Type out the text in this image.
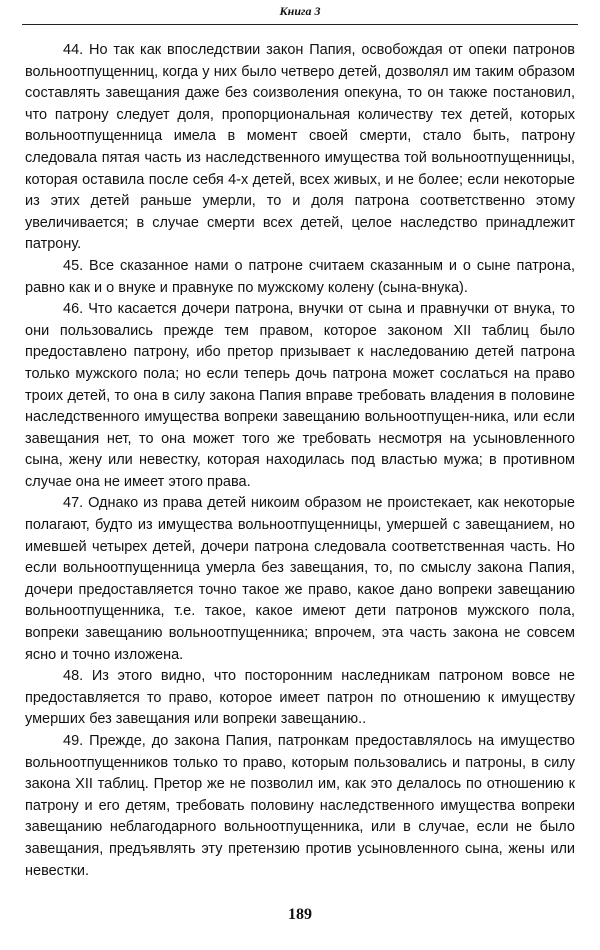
Книга 3

44. Но так как впоследствии закон Папия, освобождая от опеки патронов вольноотпущенниц, когда у них было четверо детей, дозволял им таким образом составлять завещания даже без соизволения опекуна, то он также постановил, что патрону следует доля, пропорциональная количеству тех детей, которых вольноотпущенница имела в момент своей смерти, стало быть, патрону следовала пятая часть из наследственного имущества той вольноотпущенницы, которая оставила после себя 4-х детей, всех живых, и не более; если некоторые из этих детей раньше умерли, то и доля патрона соответственно этому увеличивается; в случае смерти всех детей, целое наследство принадлежит патрону.

45. Все сказанное нами о патроне считаем сказанным и о сыне патрона, равно как и о внуке и правнуке по мужскому колену (сына-внука).

46. Что касается дочери патрона, внучки от сына и правнучки от внука, то они пользовались прежде тем правом, которое законом XII таблиц было предоставлено патрону, ибо претор призывает к наследованию детей патрона только мужского пола; но если теперь дочь патрона может сослаться на право троих детей, то она в силу закона Папия вправе требовать владения в половине наследственного имущества вопреки завещанию вольноотпущен-ника, или если завещания нет, то она может того же требовать несмотря на усыновленного сына, жену или невестку, которая находилась под властью мужа; в противном случае она не имеет этого права.

47. Однако из права детей никоим образом не проистекает, как некоторые полагают, будто из имущества вольноотпущенницы, умершей с завещанием, но имевшей четырех детей, дочери патрона следовала соответственная часть. Но если вольноотпущенница умерла без завещания, то, по смыслу закона Папия, дочери предоставляется точно такое же право, какое дано вопреки завещанию вольноотпущенника, т.е. такое, какое имеют дети патронов мужского пола, вопреки завещанию вольноотпущенника; впрочем, эта часть закона не совсем ясно и точно изложена.

48. Из этого видно, что посторонним наследникам патроном вовсе не предоставляется то право, которое имеет патрон по отношению к имуществу умерших без завещания или вопреки завещанию..

49. Прежде, до закона Папия, патронкам предоставлялось на имущество вольноотпущенников только то право, которым пользовались и патроны, в силу закона XII таблиц. Претор же не позволил им, как это делалось по отношению к патрону и его детям, требовать половину наследственного имущества вопреки завещанию неблагодарного вольноотпущенника, или в случае, если не было завещания, предъявлять эту претензию против усыновленного сына, жены или невестки.

189
